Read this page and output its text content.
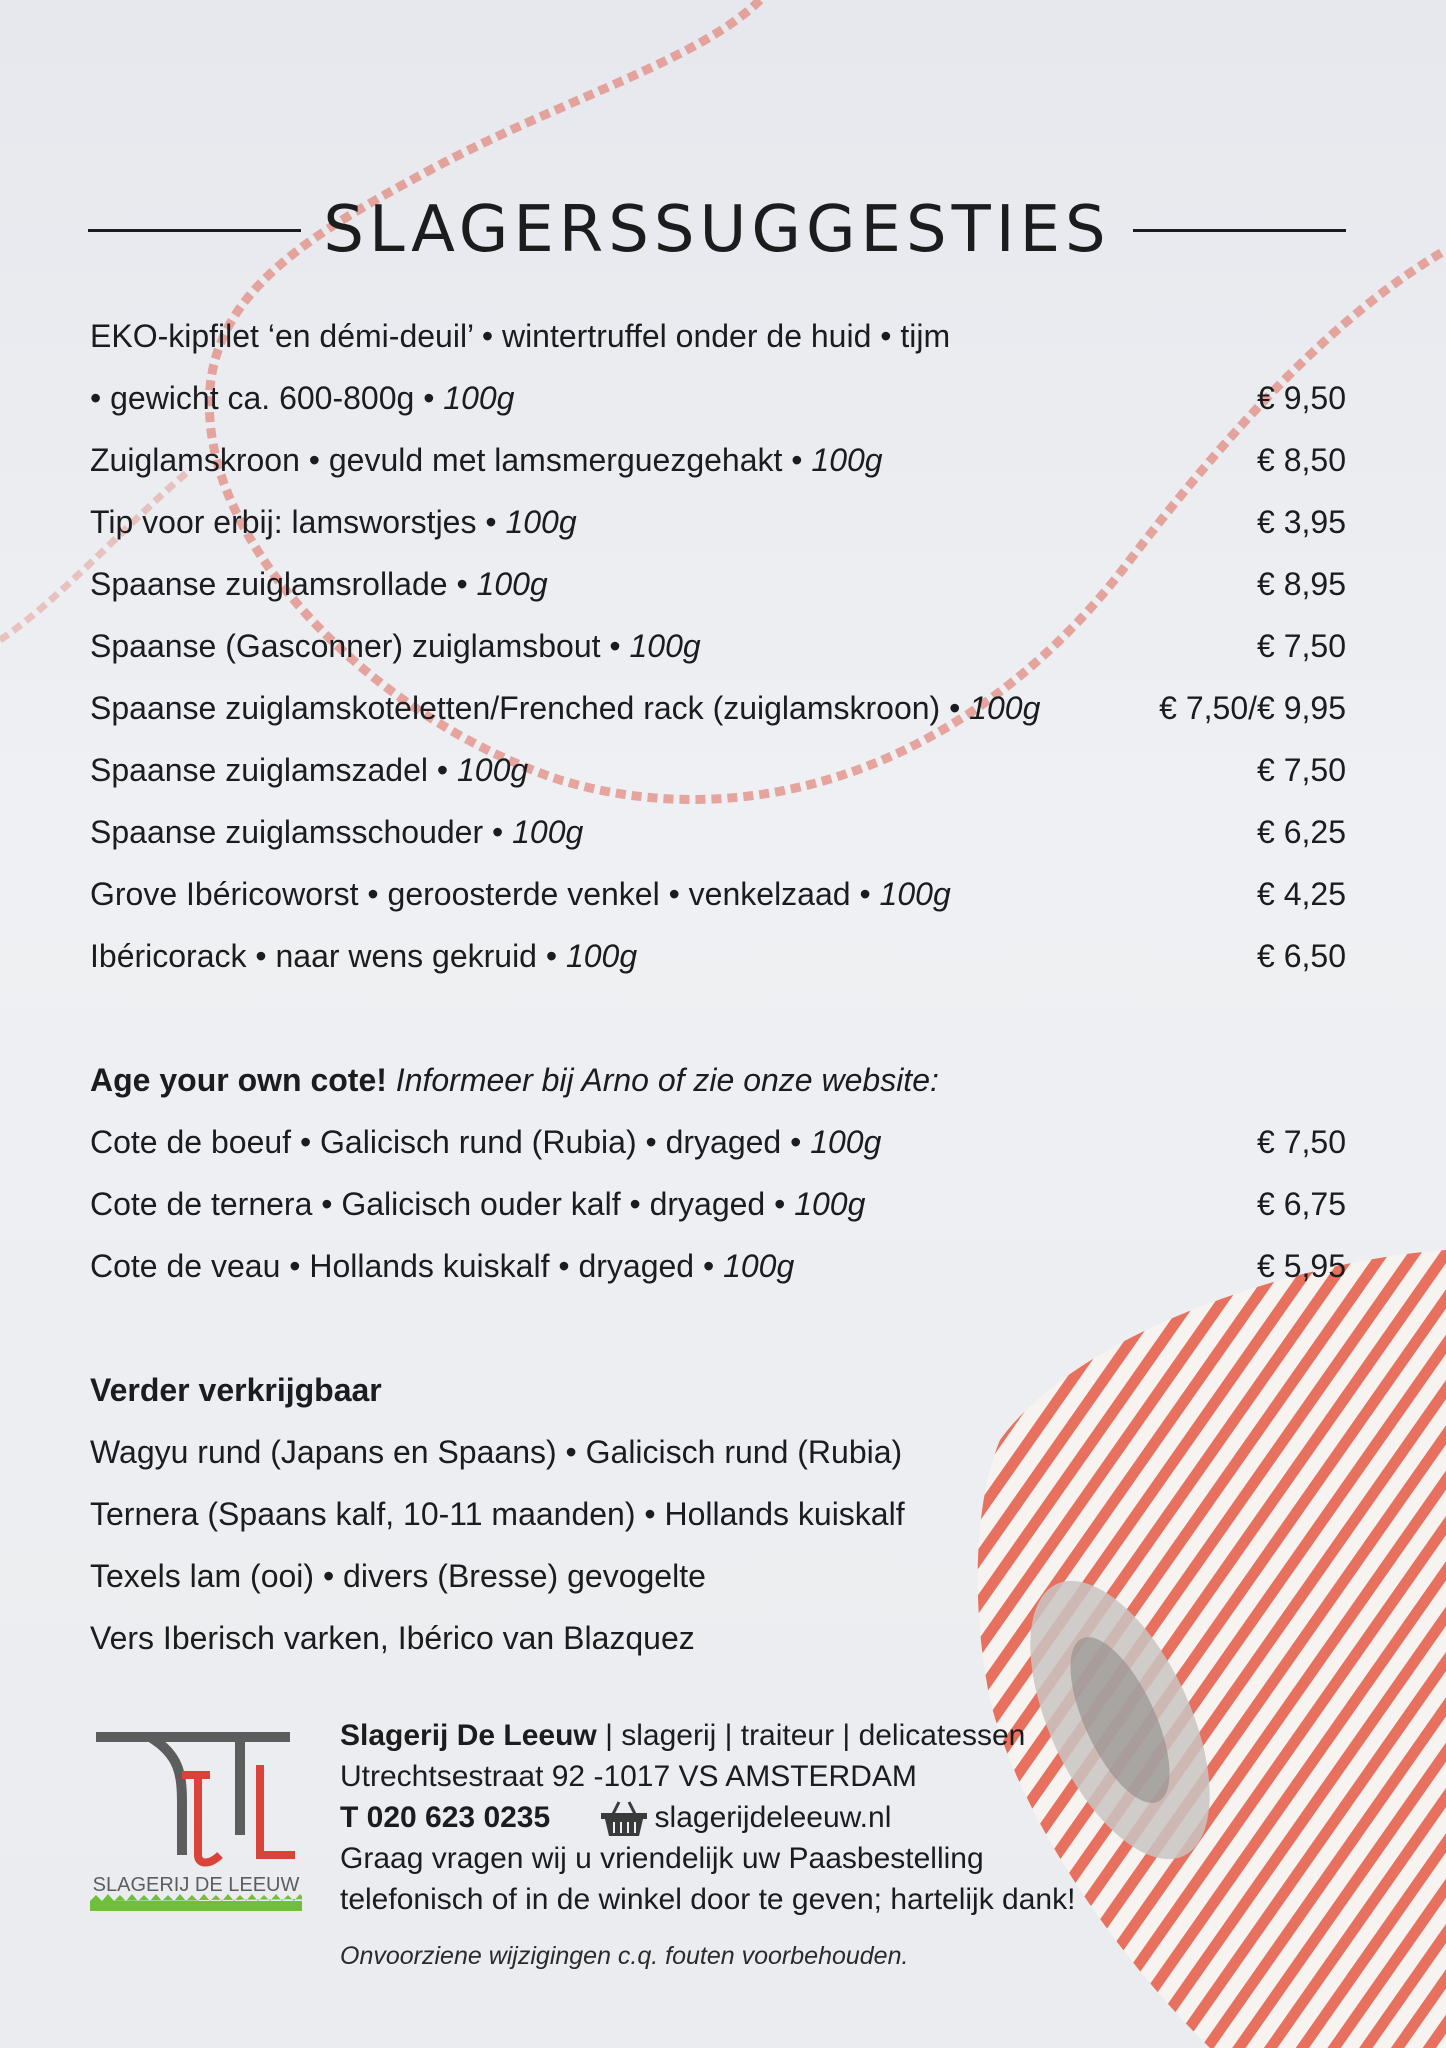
SLAGERSSUGGESTIES
EKO-kipfilet ‘en démi-deuil’ • wintertruffel onder de huid • tijm
• gewicht ca. 600-800g • 100g	€ 9,50
Zuiglamskroon • gevuld met lamsmerguezgehakt • 100g	€ 8,50
Tip voor erbij: lamsworstjes • 100g	€ 3,95
Spaanse zuiglamsrollade • 100g	€ 8,95
Spaanse (Gasconner) zuiglamsbout • 100g	€ 7,50
Spaanse zuiglamskoteletten/Frenched rack (zuiglamskroon) • 100g	€ 7,50/€ 9,95
Spaanse zuiglamszadel • 100g	€ 7,50
Spaanse zuiglamsschouder • 100g	€ 6,25
Grove Ibéricoworst • geroosterde venkel • venkelzaad • 100g	€ 4,25
Ibéricorack • naar wens gekruid • 100g	€ 6,50
Age your own cote! Informeer bij Arno of zie onze website:
Cote de boeuf • Galicisch rund (Rubia) • dryaged • 100g	€ 7,50
Cote de ternera • Galicisch ouder kalf • dryaged • 100g	€ 6,75
Cote de veau • Hollands kuiskalf • dryaged • 100g	€ 5,95
Verder verkrijgbaar
Wagyu rund (Japans en Spaans) • Galicisch rund (Rubia)
Ternera (Spaans kalf, 10-11 maanden) • Hollands kuiskalf
Texels lam (ooi) • divers (Bresse) gevogelte
Vers Iberisch varken, Ibérico van Blazquez
SLAGERIJ DE LEEUW
Slagerij De Leeuw | slagerij | traiteur | delicatessen
Utrechtsestraat 92 -1017 VS AMSTERDAM
T 020 623 0235	slagerijdeleeuw.nl
Graag vragen wij u vriendelijk uw Paasbestelling
telefonisch of in de winkel door te geven; hartelijk dank!
Onvoorziene wijzigingen c.q. fouten voorbehouden.
